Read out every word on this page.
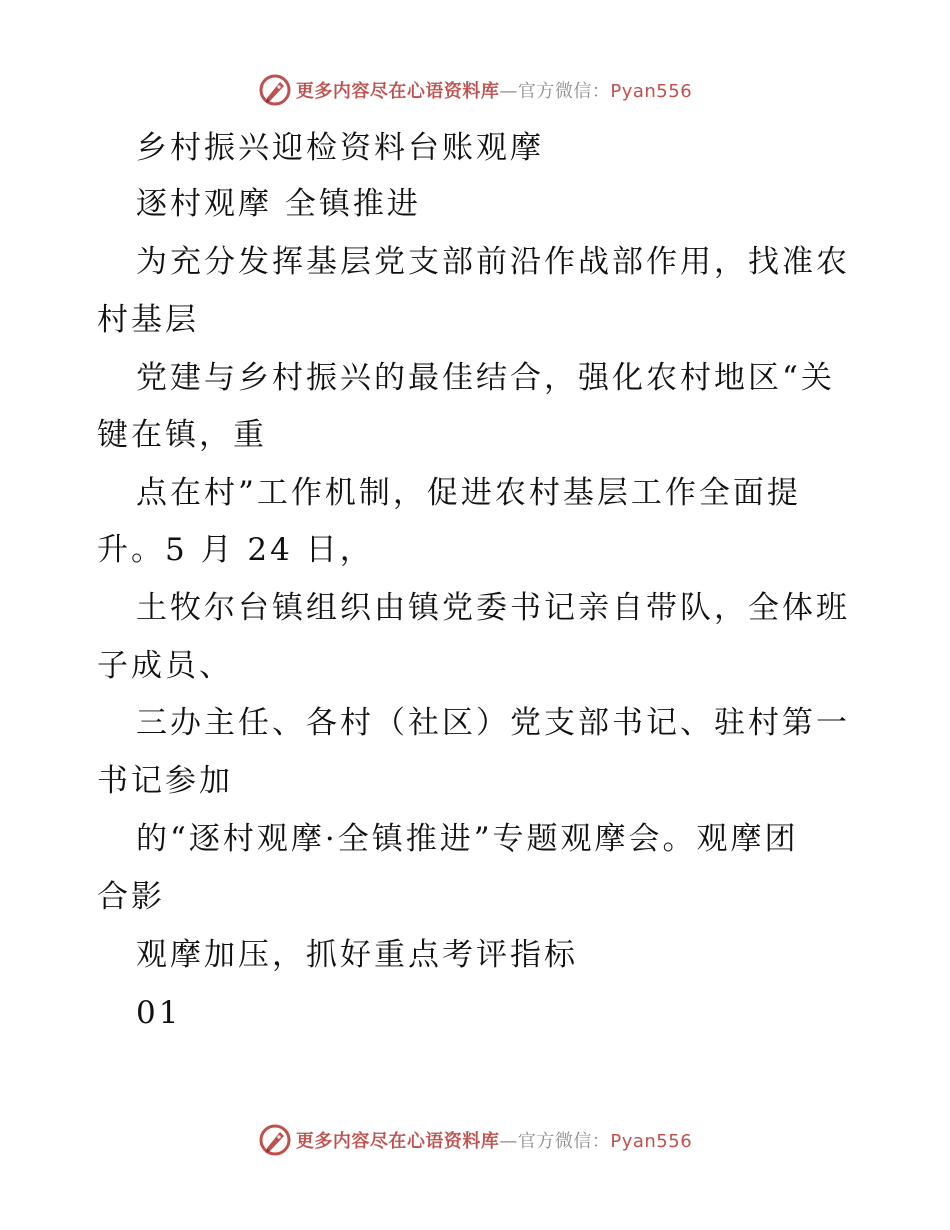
更多内容尽在心语资料库—官方微信：Pyan556
乡村振兴迎检资料台账观摩
逐村观摩 全镇推进
为充分发挥基层党支部前沿作战部作用，找准农
村基层
党建与乡村振兴的最佳结合，强化农村地区“关
键在镇，重
点在村”工作机制，促进农村基层工作全面提
升。5 月 24 日，
土牧尔台镇组织由镇党委书记亲自带队，全体班
子成员、
三办主任、各村（社区）党支部书记、驻村第一
书记参加
的“逐村观摩·全镇推进”专题观摩会。观摩团
合影
观摩加压，抓好重点考评指标
01
更多内容尽在心语资料库—官方微信：Pyan556
